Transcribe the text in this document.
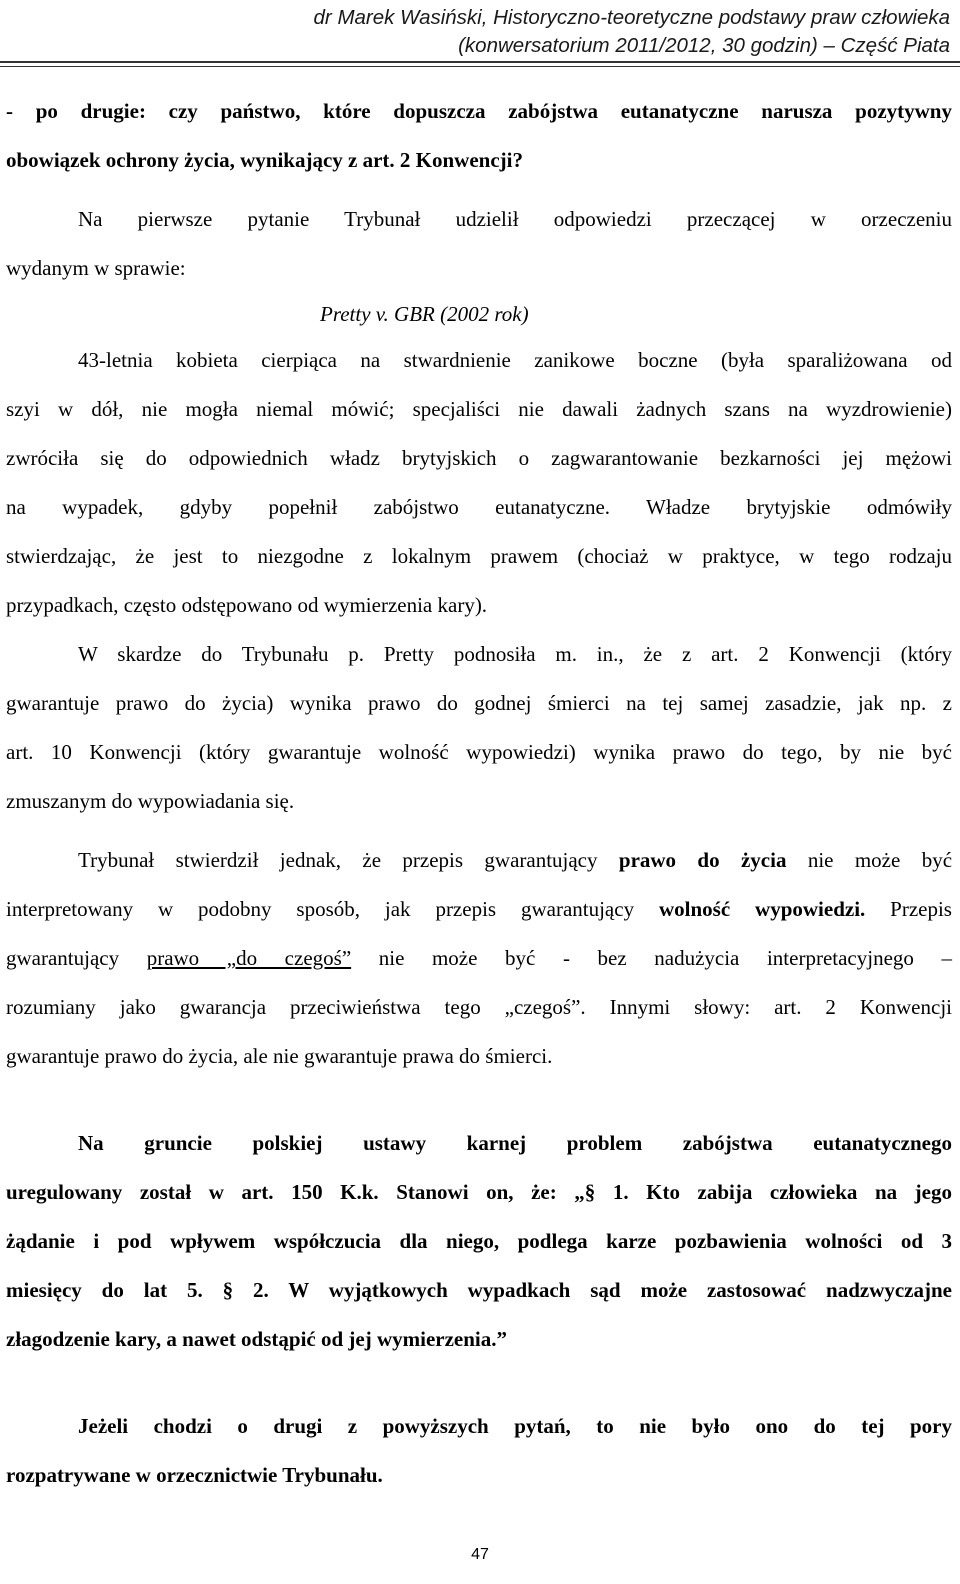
dr Marek Wasiński, Historyczno-teoretyczne podstawy praw człowieka
(konwersatorium 2011/2012, 30 godzin) – Część Piata
- po drugie: czy państwo, które dopuszcza zabójstwa eutanatyczne narusza pozytywny
obowiązek ochrony życia, wynikający z art. 2 Konwencji?
Na pierwsze pytanie Trybunał udzielił odpowiedzi przeczącej w orzeczeniu
wydanym w sprawie:
Pretty v. GBR (2002 rok)
43-letnia kobieta cierpiąca na stwardnienie zanikowe boczne (była sparaliżowana od
szyi w dół, nie mogła niemal mówić; specjaliści nie dawali żadnych szans na wyzdrowienie)
zwróciła się do odpowiednich władz brytyjskich o zagwarantowanie bezkarności jej mężowi
na wypadek, gdyby popełnił zabójstwo eutanatyczne. Władze brytyjskie odmówiły
stwierdzając, że jest to niezgodne z lokalnym prawem (chociaż w praktyce, w tego rodzaju
przypadkach, często odstępowano od wymierzenia kary).
W skardze do Trybunału p. Pretty podnosiła m. in., że z art. 2 Konwencji (który
gwarantuje prawo do życia) wynika prawo do godnej śmierci na tej samej zasadzie, jak np. z
art. 10 Konwencji (który gwarantuje wolność wypowiedzi) wynika prawo do tego, by nie być
zmuszanym do wypowiadania się.
Trybunał stwierdził jednak, że przepis gwarantujący prawo do życia nie może być
interpretowany w podobny sposób, jak przepis gwarantujący wolność wypowiedzi. Przepis
gwarantujący prawo „do czegoś” nie może być - bez nadużycia interpretacyjnego –
rozumiany jako gwarancja przeciwieństwa tego „czegoś”. Innymi słowy: art. 2 Konwencji
gwarantuje prawo do życia, ale nie gwarantuje prawa do śmierci.
Na gruncie polskiej ustawy karnej problem zabójstwa eutanatycznego
uregulowany został w art. 150 K.k. Stanowi on, że: „§ 1. Kto zabija człowieka na jego
żądanie i pod wpływem współczucia dla niego, podlega karze pozbawienia wolności od 3
miesięcy do lat 5. § 2. W wyjątkowych wypadkach sąd może zastosować nadzwyczajne
złagodzenie kary, a nawet odstąpić od jej wymierzenia.”
Jeżeli chodzi o drugi z powyższych pytań, to nie było ono do tej pory
rozpatrywane w orzecznictwie Trybunału.
47
